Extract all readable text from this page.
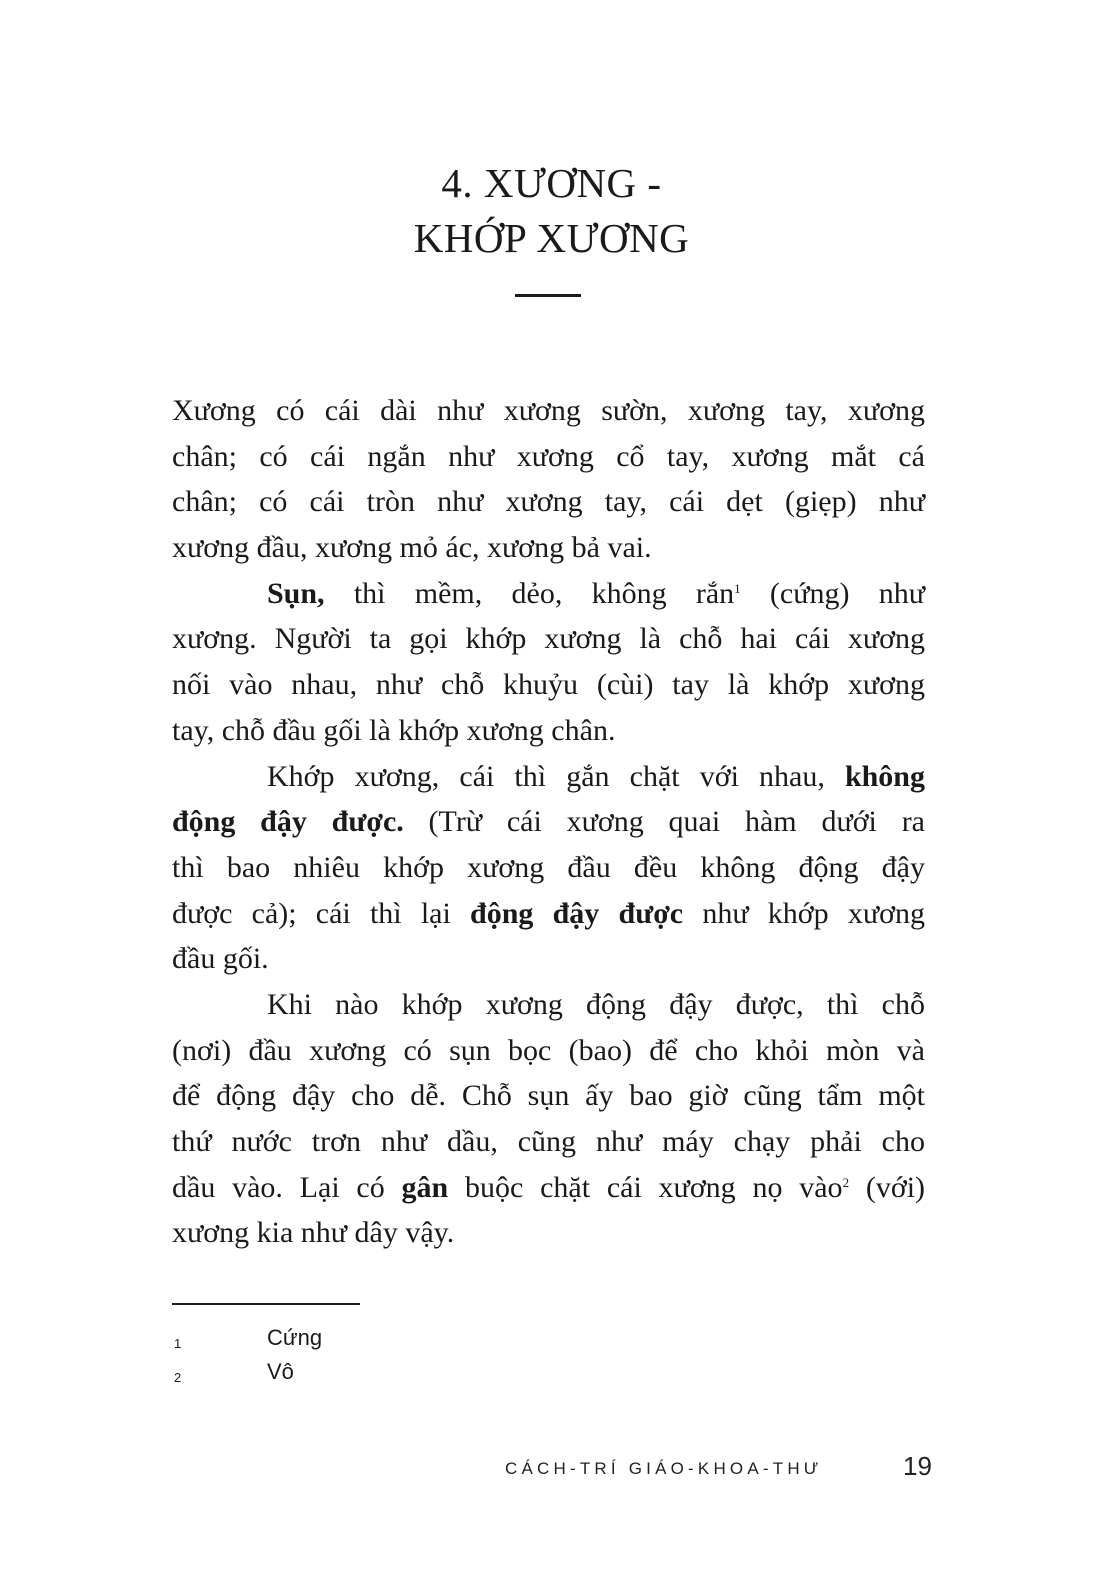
4. XƯƠNG -
KHỚP XƯƠNG
Xương có cái dài như xương sườn, xương tay, xương
chân; có cái ngắn như xương cổ tay, xương mắt cá
chân; có cái tròn như xương tay, cái dẹt (giẹp) như
xương đầu, xương mỏ ác, xương bả vai.
Sụn, thì mềm, dẻo, không rắn$^1$ (cứng) như
xương. Người ta gọi khớp xương là chỗ hai cái xương
nối vào nhau, như chỗ khuỷu (cùi) tay là khớp xương
tay, chỗ đầu gối là khớp xương chân.
Khớp xương, cái thì gắn chặt với nhau, không
động đậy được. (Trừ cái xương quai hàm dưới ra
thì bao nhiêu khớp xương đầu đều không động đậy
được cả); cái thì lại động đậy được như khớp xương
đầu gối.
Khi nào khớp xương động đậy được, thì chỗ
(nơi) đầu xương có sụn bọc (bao) để cho khỏi mòn và
để động đậy cho dễ. Chỗ sụn ấy bao giờ cũng tẩm một
thứ nước trơn như dầu, cũng như máy chạy phải cho
dầu vào. Lại có gân buộc chặt cái xương nọ vào$^2$ (với)
xương kia như dây vậy.
1	Cứng
2	Vô
CÁCH-TRÍ GIÁO-KHOA-THƯ	19
